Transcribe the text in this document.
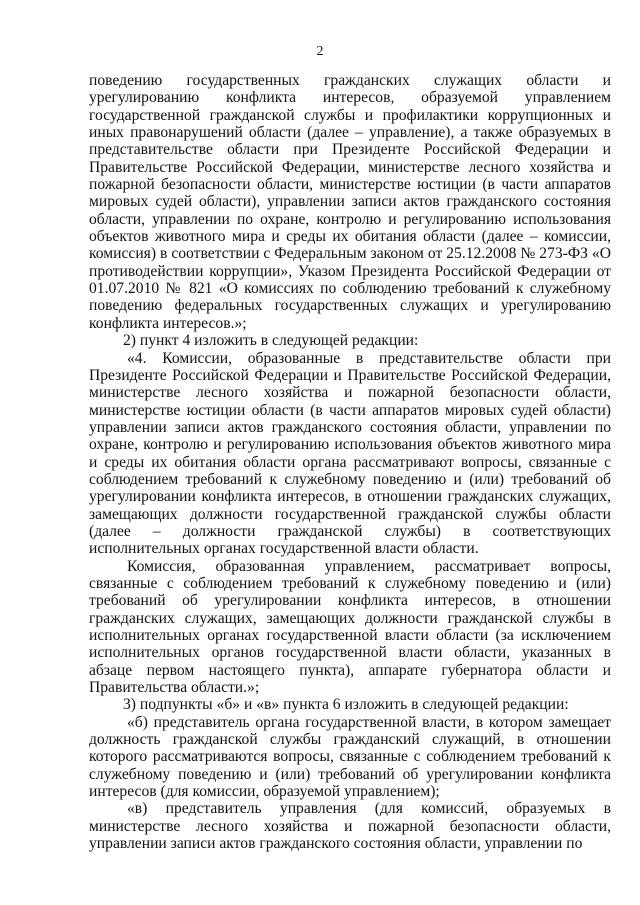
2

поведению государственных гражданских служащих области и урегулированию конфликта интересов, образуемой управлением государственной гражданской службы и профилактики коррупционных и иных правонарушений области (далее – управление), а также образуемых в представительстве области при Президенте Российской Федерации и Правительстве Российской Федерации, министерстве лесного хозяйства и пожарной безопасности области, министерстве юстиции (в части аппаратов мировых судей области), управлении записи актов гражданского состояния области, управлении по охране, контролю и регулированию использования объектов животного мира и среды их обитания области (далее – комиссии, комиссия) в соответствии с Федеральным законом от 25.12.2008 № 273-ФЗ «О противодействии коррупции», Указом Президента Российской Федерации от 01.07.2010 № 821 «О комиссиях по соблюдению требований к служебному поведению федеральных государственных служащих и урегулированию конфликта интересов.»;

2) пункт 4 изложить в следующей редакции:

«4. Комиссии, образованные в представительстве области при Президенте Российской Федерации и Правительстве Российской Федерации, министерстве лесного хозяйства и пожарной безопасности области, министерстве юстиции области (в части аппаратов мировых судей области) управлении записи актов гражданского состояния области, управлении по охране, контролю и регулированию использования объектов животного мира и среды их обитания области органа рассматривают вопросы, связанные с соблюдением требований к служебному поведению и (или) требований об урегулировании конфликта интересов, в отношении гражданских служащих, замещающих должности государственной гражданской службы области (далее – должности гражданской службы) в соответствующих исполнительных органах государственной власти области.

Комиссия, образованная управлением, рассматривает вопросы, связанные с соблюдением требований к служебному поведению и (или) требований об урегулировании конфликта интересов, в отношении гражданских служащих, замещающих должности гражданской службы в исполнительных органах государственной власти области (за исключением исполнительных органов государственной власти области, указанных в абзаце первом настоящего пункта), аппарате губернатора области и Правительства области.»;

3) подпункты «б» и «в» пункта 6 изложить в следующей редакции:

«б) представитель органа государственной власти, в котором замещает должность гражданской службы гражданский служащий, в отношении которого рассматриваются вопросы, связанные с соблюдением требований к служебному поведению и (или) требований об урегулировании конфликта интересов (для комиссии, образуемой управлением);

«в) представитель управления (для комиссий, образуемых в министерстве лесного хозяйства и пожарной безопасности области, управлении записи актов гражданского состояния области, управлении по
